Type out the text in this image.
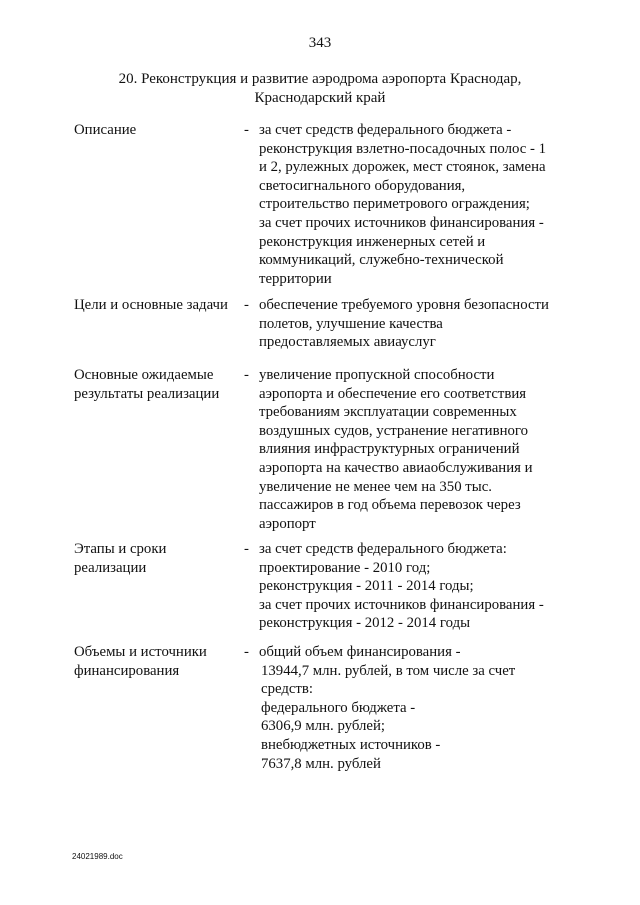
343
20. Реконструкция и развитие аэродрома аэропорта Краснодар,
Краснодарский край
Описание	- за счет средств федерального бюджета -
реконструкция взлетно-посадочных полос - 1
и 2, рулежных дорожек, мест стоянок, замена
светосигнального оборудования,
строительство периметрового ограждения;
за счет прочих источников финансирования -
реконструкция инженерных сетей и
коммуникаций, служебно-технической
территории
Цели и основные задачи	- обеспечение требуемого уровня безопасности
полетов, улучшение качества
предоставляемых авиауслуг
Основные ожидаемые
результаты реализации
- увеличение пропускной способности
аэропорта и обеспечение его соответствия
требованиям эксплуатации современных
воздушных судов, устранение негативного
влияния инфраструктурных ограничений
аэропорта на качество авиаобслуживания и
увеличение не менее чем на 350 тыс.
пассажиров в год объема перевозок через
аэропорт
Этапы и сроки
реализации
- за счет средств федерального бюджета:
проектирование - 2010 год;
реконструкция - 2011 - 2014 годы;
за счет прочих источников финансирования -
реконструкция - 2012 - 2014 годы
Объемы и источники
финансирования
- общий объем финансирования -
13944,7 млн. рублей, в том числе за счет
средств:
федерального бюджета -
6306,9 млн. рублей;
внебюджетных источников -
7637,8 млн. рублей
24021989.doc
